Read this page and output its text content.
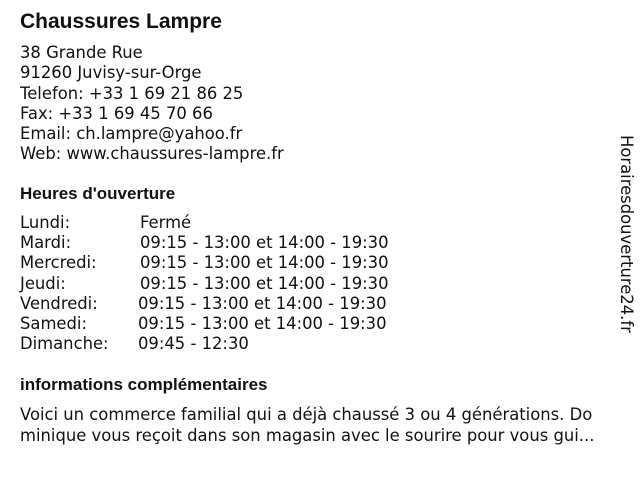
Chaussures Lampre
38 Grande Rue
91260 Juvisy-sur-Orge
Telefon: +33 1 69 21 86 25
Fax: +33 1 69 45 70 66
Email: ch.lampre@yahoo.fr
Web: www.chaussures-lampre.fr
Heures d'ouverture
Lundi:	Fermé
Mardi:	09:15 - 13:00 et 14:00 - 19:30
Mercredi:	09:15 - 13:00 et 14:00 - 19:30
Jeudi:	09:15 - 13:00 et 14:00 - 19:30
Vendredi: 09:15 - 13:00 et 14:00 - 19:30
Samedi:	09:15 - 13:00 et 14:00 - 19:30
Dimanche: 09:45 - 12:30
informations complémentaires
Voici un commerce familial qui a déjà chaussé 3 ou 4 générations. Do
minique vous reçoit dans son magasin avec le sourire pour vous gui...
Horairesdouverture24.fr
